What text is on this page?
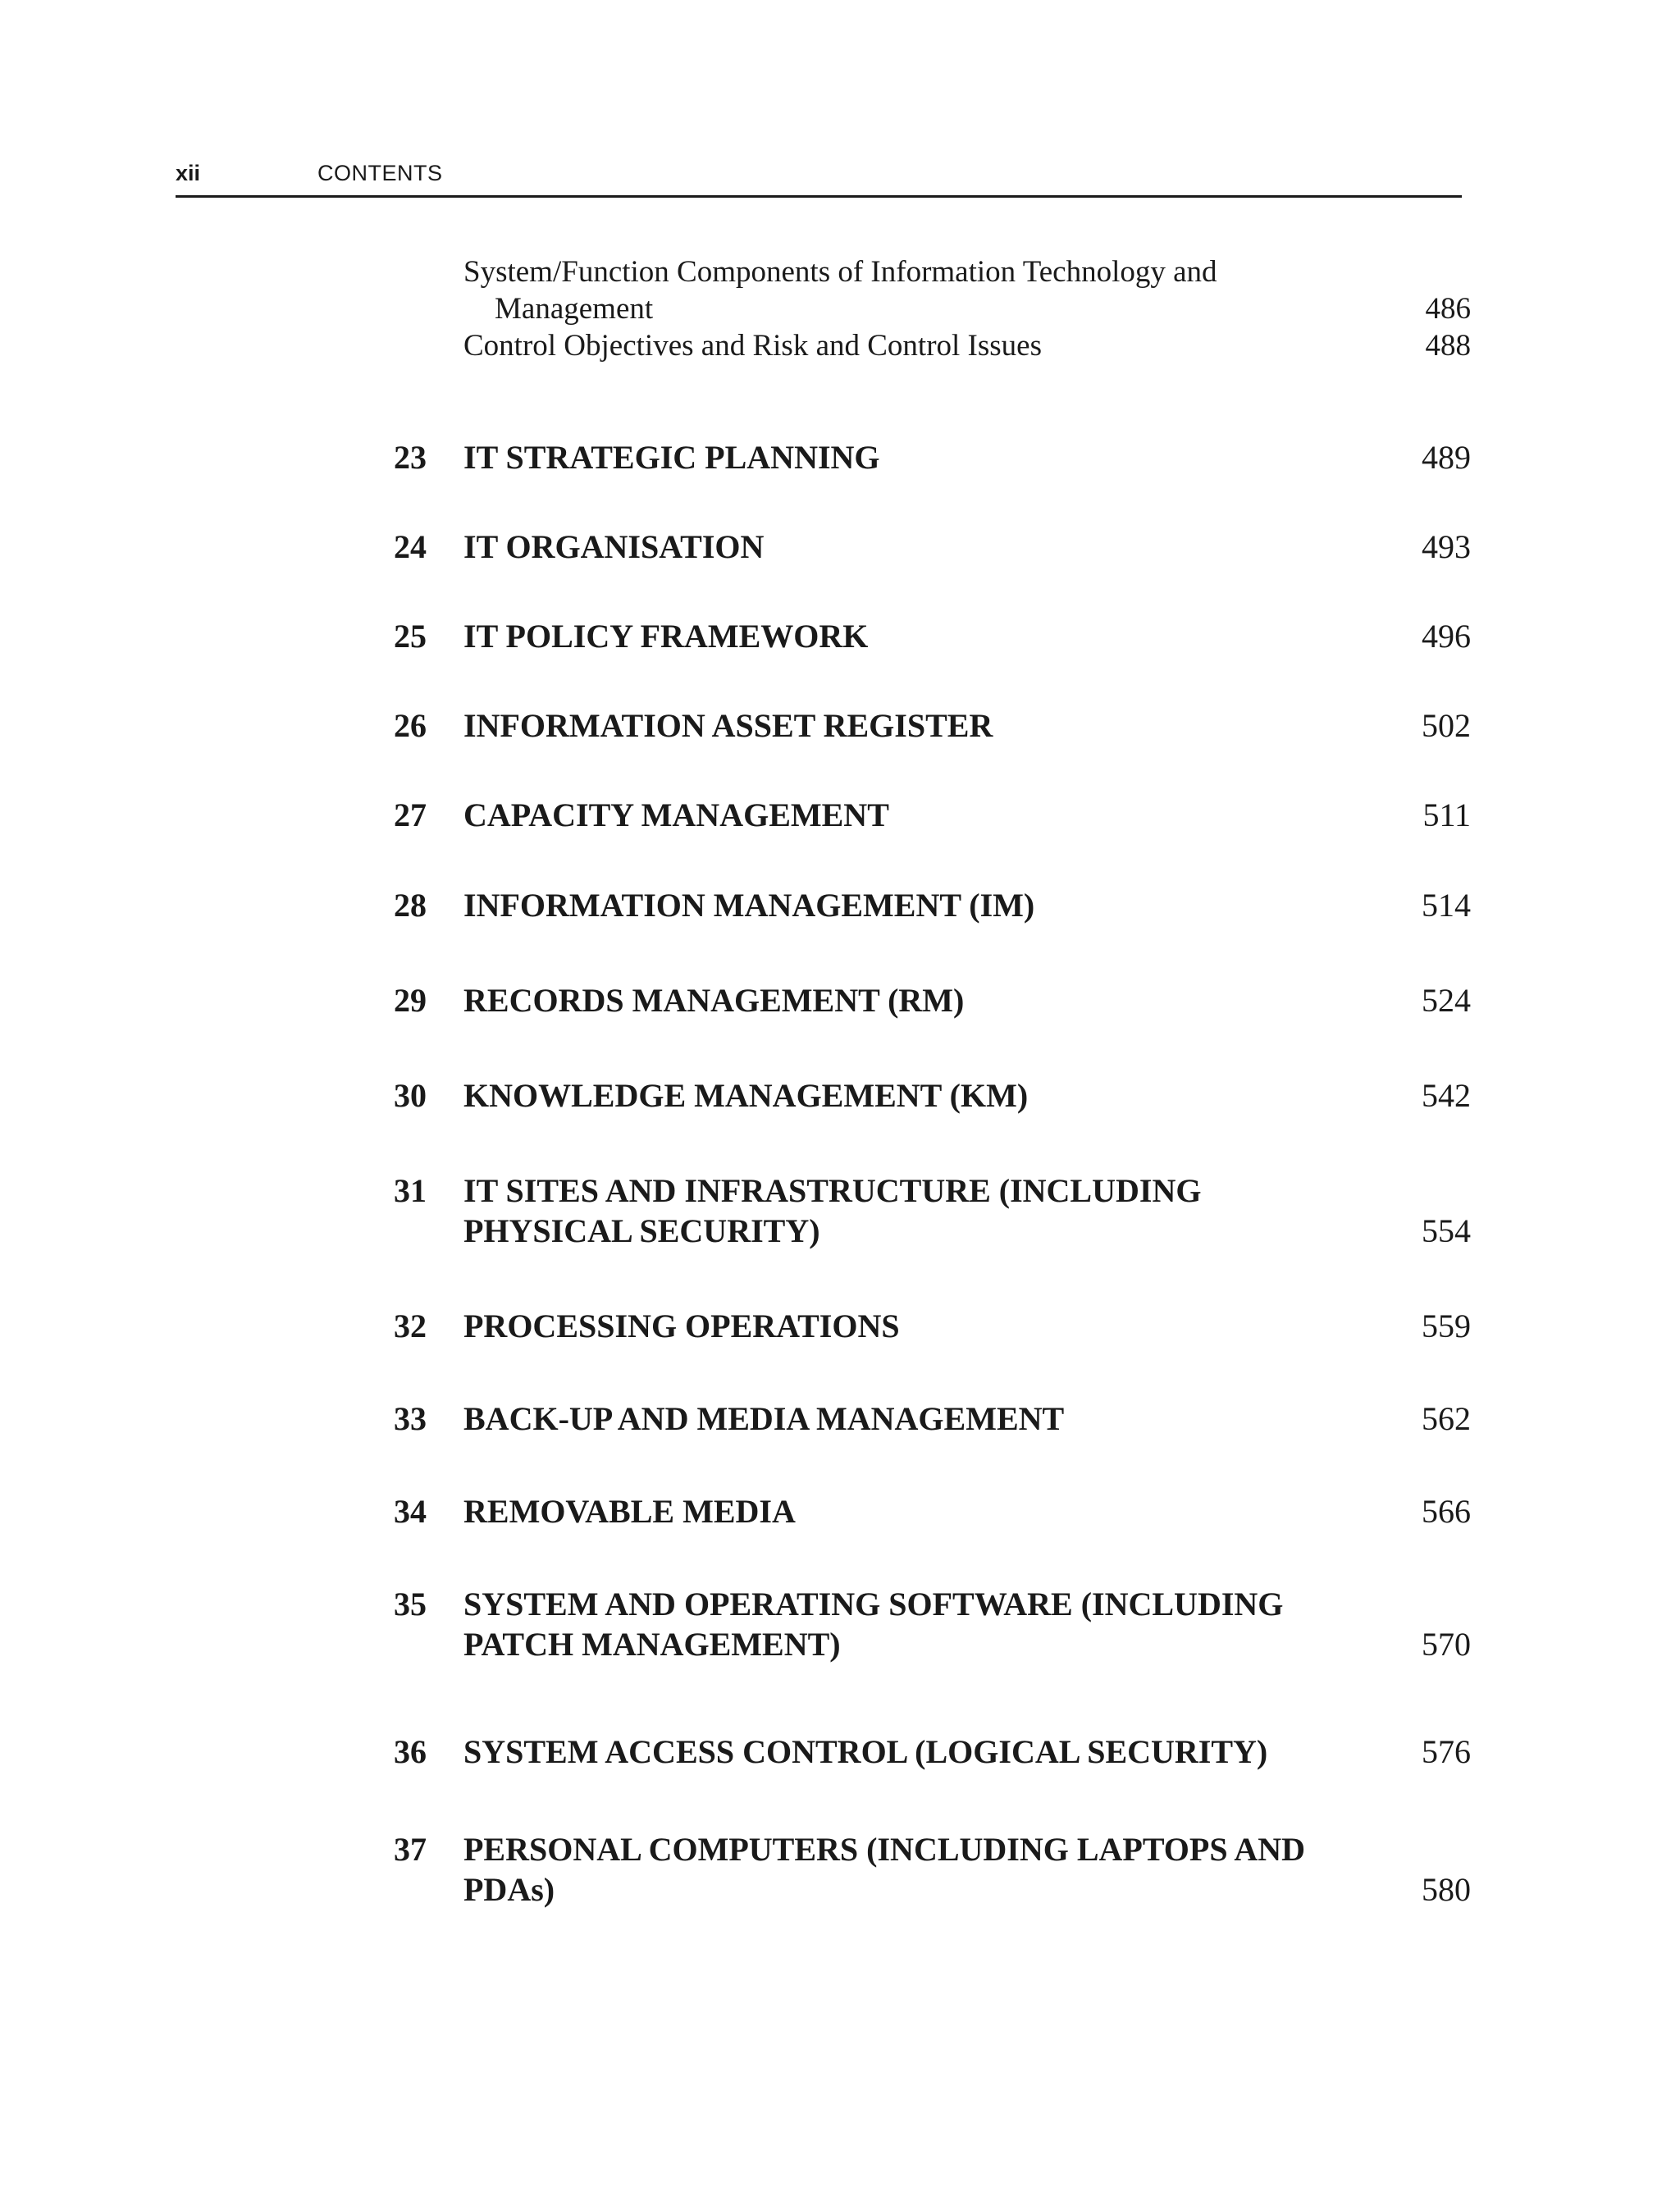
xii	CONTENTS
System/Function Components of Information Technology and
Management	486
Control Objectives and Risk and Control Issues	488
23 IT STRATEGIC PLANNING	489
24 IT ORGANISATION	493
25 IT POLICY FRAMEWORK	496
26 INFORMATION ASSET REGISTER	502
27 CAPACITY MANAGEMENT	511
28 INFORMATION MANAGEMENT (IM)	514
29 RECORDS MANAGEMENT (RM)	524
30 KNOWLEDGE MANAGEMENT (KM)	542
31 IT SITES AND INFRASTRUCTURE (INCLUDING
PHYSICAL SECURITY)	554
32 PROCESSING OPERATIONS	559
33 BACK-UP AND MEDIA MANAGEMENT	562
34 REMOVABLE MEDIA	566
35 SYSTEM AND OPERATING SOFTWARE (INCLUDING
PATCH MANAGEMENT)	570
36 SYSTEM ACCESS CONTROL (LOGICAL SECURITY)	576
37 PERSONAL COMPUTERS (INCLUDING LAPTOPS AND
PDAs)	580
